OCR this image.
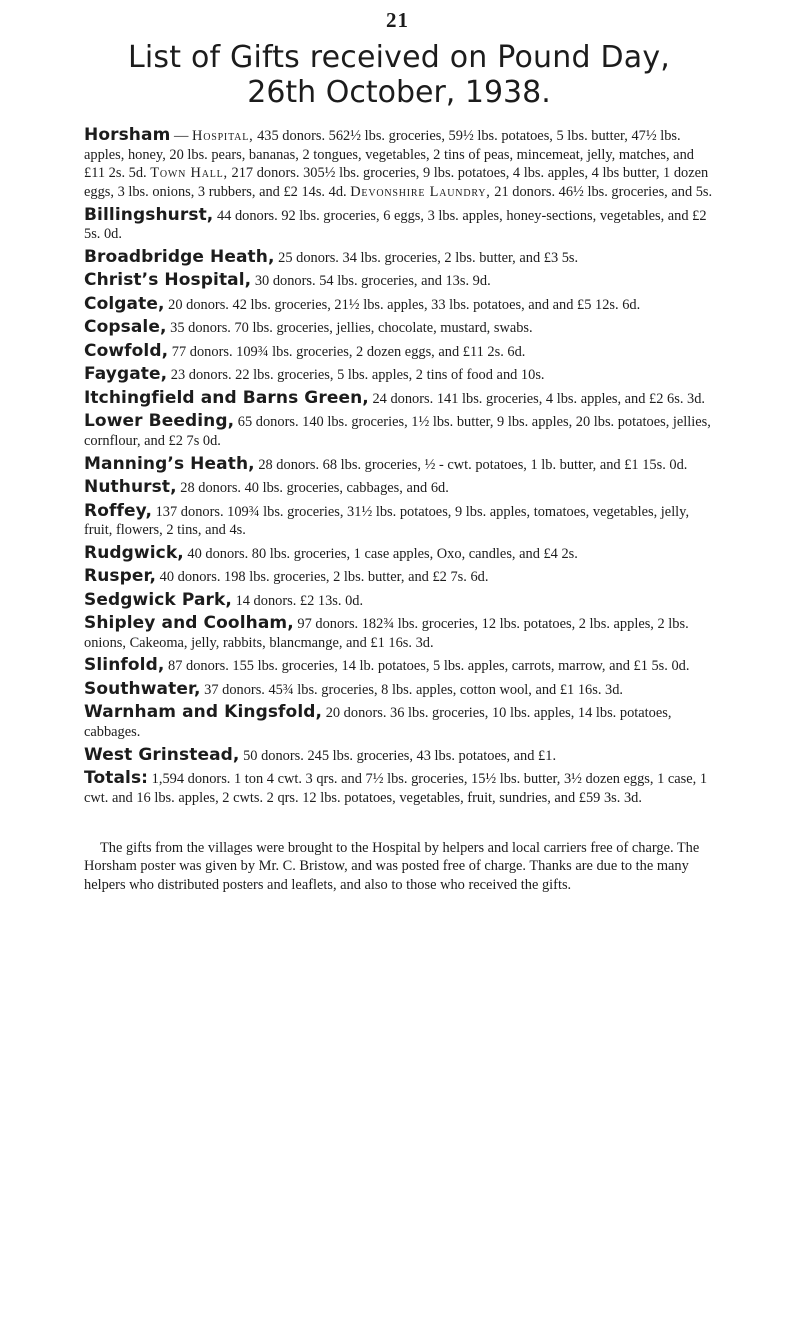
21
List of Gifts received on Pound Day,
26th October, 1938.

Horsham — Hospital, 435 donors. 562½ lbs. groceries, 59½ lbs. potatoes, 5 lbs. butter, 47½ lbs. apples, honey, 20 lbs. pears, bananas, 2 tongues, vegetables, 2 tins of peas, mincemeat, jelly, matches, and £11 2s. 5d. Town Hall, 217 donors. 305½ lbs. groceries, 9 lbs. potatoes, 4 lbs. apples, 4 lbs butter, 1 dozen eggs, 3 lbs. onions, 3 rubbers, and £2 14s. 4d. Devonshire Laundry, 21 donors. 46½ lbs. groceries, and 5s.

Billingshurst, 44 donors. 92 lbs. groceries, 6 eggs, 3 lbs. apples, honey-sections, vegetables, and £2 5s. 0d.

Broadbridge Heath, 25 donors. 34 lbs. groceries, 2 lbs. butter, and £3 5s.

Christ’s Hospital, 30 donors. 54 lbs. groceries, and 13s. 9d.

Colgate, 20 donors. 42 lbs. groceries, 21½ lbs. apples, 33 lbs. potatoes, and and £5 12s. 6d.

Copsale, 35 donors. 70 lbs. groceries, jellies, chocolate, mustard, swabs.

Cowfold, 77 donors. 109¾ lbs. groceries, 2 dozen eggs, and £11 2s. 6d.

Faygate, 23 donors. 22 lbs. groceries, 5 lbs. apples, 2 tins of food and 10s.

Itchingfield and Barns Green, 24 donors. 141 lbs. groceries, 4 lbs. apples, and £2 6s. 3d.

Lower Beeding, 65 donors. 140 lbs. groceries, 1½ lbs. butter, 9 lbs. apples, 20 lbs. potatoes, jellies, cornflour, and £2 7s 0d.

Manning’s Heath, 28 donors. 68 lbs. groceries, ½ - cwt. potatoes, 1 lb. butter, and £1 15s. 0d.

Nuthurst, 28 donors. 40 lbs. groceries, cabbages, and 6d.

Roffey, 137 donors. 109¾ lbs. groceries, 31½ lbs. potatoes, 9 lbs. apples, tomatoes, vegetables, jelly, fruit, flowers, 2 tins, and 4s.

Rudgwick, 40 donors. 80 lbs. groceries, 1 case apples, Oxo, candles, and £4 2s.

Rusper, 40 donors. 198 lbs. groceries, 2 lbs. butter, and £2 7s. 6d.

Sedgwick Park, 14 donors. £2 13s. 0d.

Shipley and Coolham, 97 donors. 182¾ lbs. groceries, 12 lbs. potatoes, 2 lbs. apples, 2 lbs. onions, Cakeoma, jelly, rabbits, blancmange, and £1 16s. 3d.

Slinfold, 87 donors. 155 lbs. groceries, 14 lb. potatoes, 5 lbs. apples, carrots, marrow, and £1 5s. 0d.

Southwater, 37 donors. 45¾ lbs. groceries, 8 lbs. apples, cotton wool, and £1 16s. 3d.

Warnham and Kingsfold, 20 donors. 36 lbs. groceries, 10 lbs. apples, 14 lbs. potatoes, cabbages.

West Grinstead, 50 donors. 245 lbs. groceries, 43 lbs. potatoes, and £1.

Totals: 1,594 donors. 1 ton 4 cwt. 3 qrs. and 7½ lbs. groceries, 15½ lbs. butter, 3½ dozen eggs, 1 case, 1 cwt. and 16 lbs. apples, 2 cwts. 2 qrs. 12 lbs. potatoes, vegetables, fruit, sundries, and £59 3s. 3d.

The gifts from the villages were brought to the Hospital by helpers and local carriers free of charge. The Horsham poster was given by Mr. C. Bristow, and was posted free of charge. Thanks are due to the many helpers who distributed posters and leaflets, and also to those who received the gifts.
